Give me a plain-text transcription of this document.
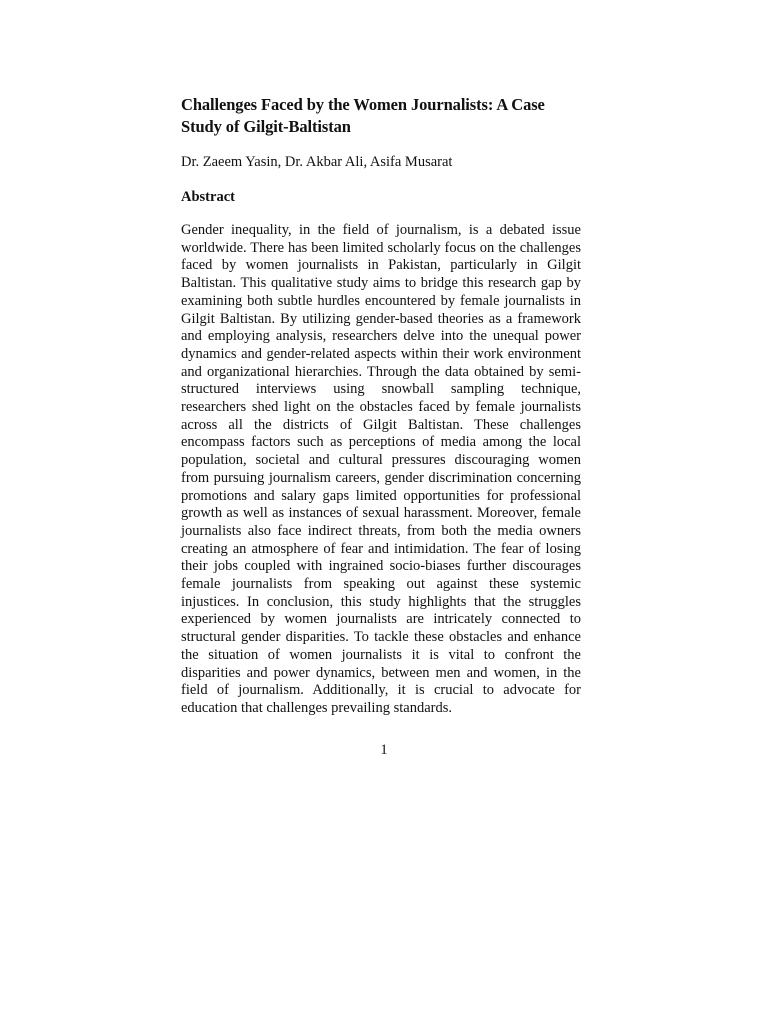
Challenges Faced by the Women Journalists: A Case Study of Gilgit-Baltistan

Dr. Zaeem Yasin, Dr. Akbar Ali, Asifa Musarat

Abstract

Gender inequality, in the field of journalism, is a debated issue worldwide. There has been limited scholarly focus on the challenges faced by women journalists in Pakistan, particularly in Gilgit Baltistan. This qualitative study aims to bridge this research gap by examining both subtle hurdles encountered by female journalists in Gilgit Baltistan. By utilizing gender-based theories as a framework and employing analysis, researchers delve into the unequal power dynamics and gender-related aspects within their work environment and organizational hierarchies. Through the data obtained by semi-structured interviews using snowball sampling technique, researchers shed light on the obstacles faced by female journalists across all the districts of Gilgit Baltistan. These challenges encompass factors such as perceptions of media among the local population, societal and cultural pressures discouraging women from pursuing journalism careers, gender discrimination concerning promotions and salary gaps limited opportunities for professional growth as well as instances of sexual harassment. Moreover, female journalists also face indirect threats, from both the media owners creating an atmosphere of fear and intimidation. The fear of losing their jobs coupled with ingrained socio-biases further discourages female journalists from speaking out against these systemic injustices. In conclusion, this study highlights that the struggles experienced by women journalists are intricately connected to structural gender disparities. To tackle these obstacles and enhance the situation of women journalists it is vital to confront the disparities and power dynamics, between men and women, in the field of journalism. Additionally, it is crucial to advocate for education that challenges prevailing standards.

1
